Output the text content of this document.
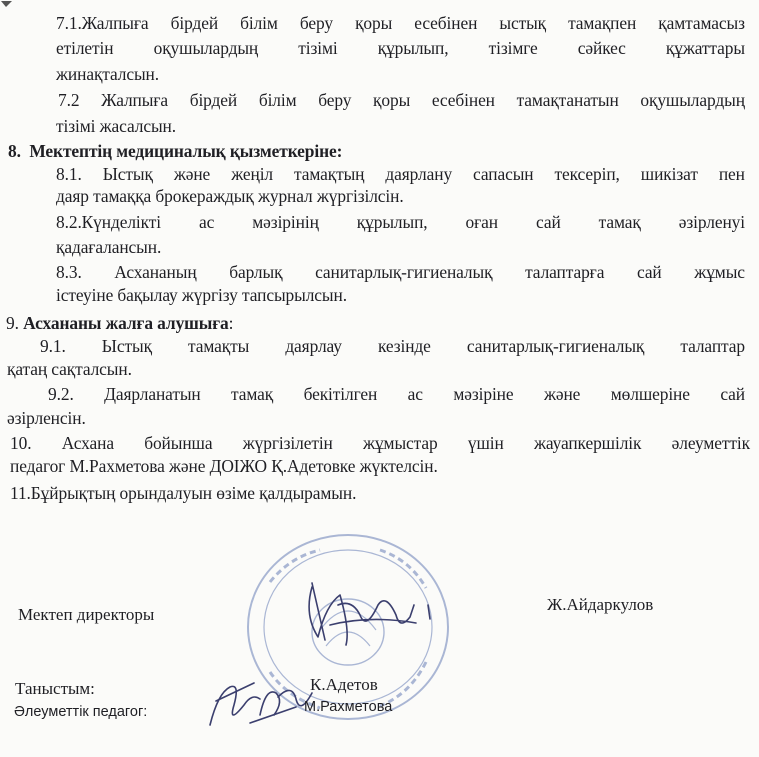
7.1.Жалпыға бірдей білім беру қоры есебінен ыстық тамақпен қамтамасыз
етілетін оқушылардың тізімі құрылып, тізімге сәйкес құжаттары
жинақталсын.
7.2 Жалпыға бірдей білім беру қоры есебінен тамақтанатын оқушылардың
тізімі жасалсын.
8. Мектептің медициналық қызметкеріне:
8.1. Ыстық және жеңіл тамақтың даярлану сапасын тексеріп, шикізат пен
даяр тамаққа брокераждық журнал жүргізілсін.
8.2.Күнделікті ас мәзірінің құрылып, оған сай тамақ әзірленуі
қадағалансын.
8.3. Асхананың барлық санитарлық-гигиеналық талаптарға сай жұмыс
істеуіне бақылау жүргізу тапсырылсын.
9. Асхананы жалға алушыға:
9.1. Ыстық тамақты даярлау кезінде санитарлық-гигиеналық талаптар
қатаң сақталсын.
9.2. Даярланатын тамақ бекітілген ас мәзіріне және мөлшеріне сай
әзірленсін.
10. Асхана бойынша жүргізілетін жұмыстар үшін жауапкершілік әлеуметтік
педагог М.Рахметова және ДОІЖО Қ.Адетовке жүктелсін.
11.Бұйрықтың орындалуын өзіме қалдырамын.
Мектеп директоры
Ж.Айдаркулов
Таныстым:	К.Адетов
Әлеуметтік педагог:	М.Рахметова
